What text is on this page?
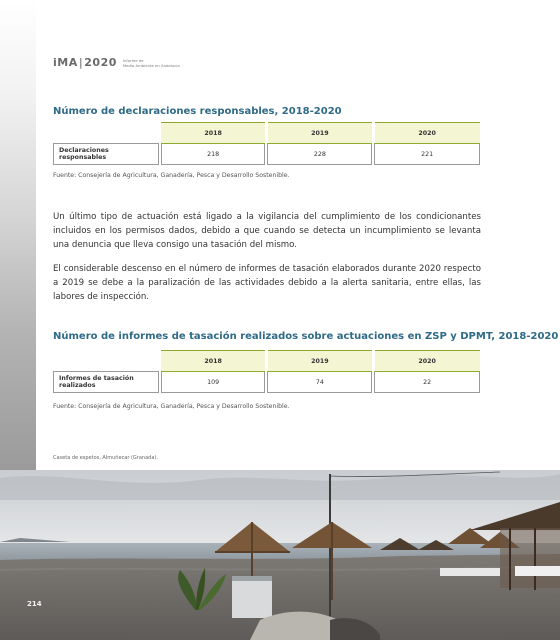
iMA|2020 Informe de
Medio Ambiente en Andalucía
Número de declaraciones responsables, 2018-2020
		2018		2019		2020
Declaraciones responsables		218		228		221
Fuente: Consejería de Agricultura, Ganadería, Pesca y Desarrollo Sostenible.
Un último tipo de actuación está ligado a la vigilancia del cumplimiento de los condicionantes incluidos en los permisos dados, debido a que cuando se detecta un incumplimiento se levanta una denuncia que lleva consigo una tasación del mismo.
El considerable descenso en el número de informes de tasación elaborados durante 2020 respecto a 2019 se debe a la paralización de las actividades debido a la alerta sanitaria, entre ellas, las labores de inspección.
Número de informes de tasación realizados sobre actuaciones en ZSP y DPMT, 2018-2020
		2018		2019		2020
Informes de tasación realizados		109		74		22
Fuente: Consejería de Agricultura, Ganadería, Pesca y Desarrollo Sostenible.
Caseta de espetos, Almuñecar (Granada).
214
